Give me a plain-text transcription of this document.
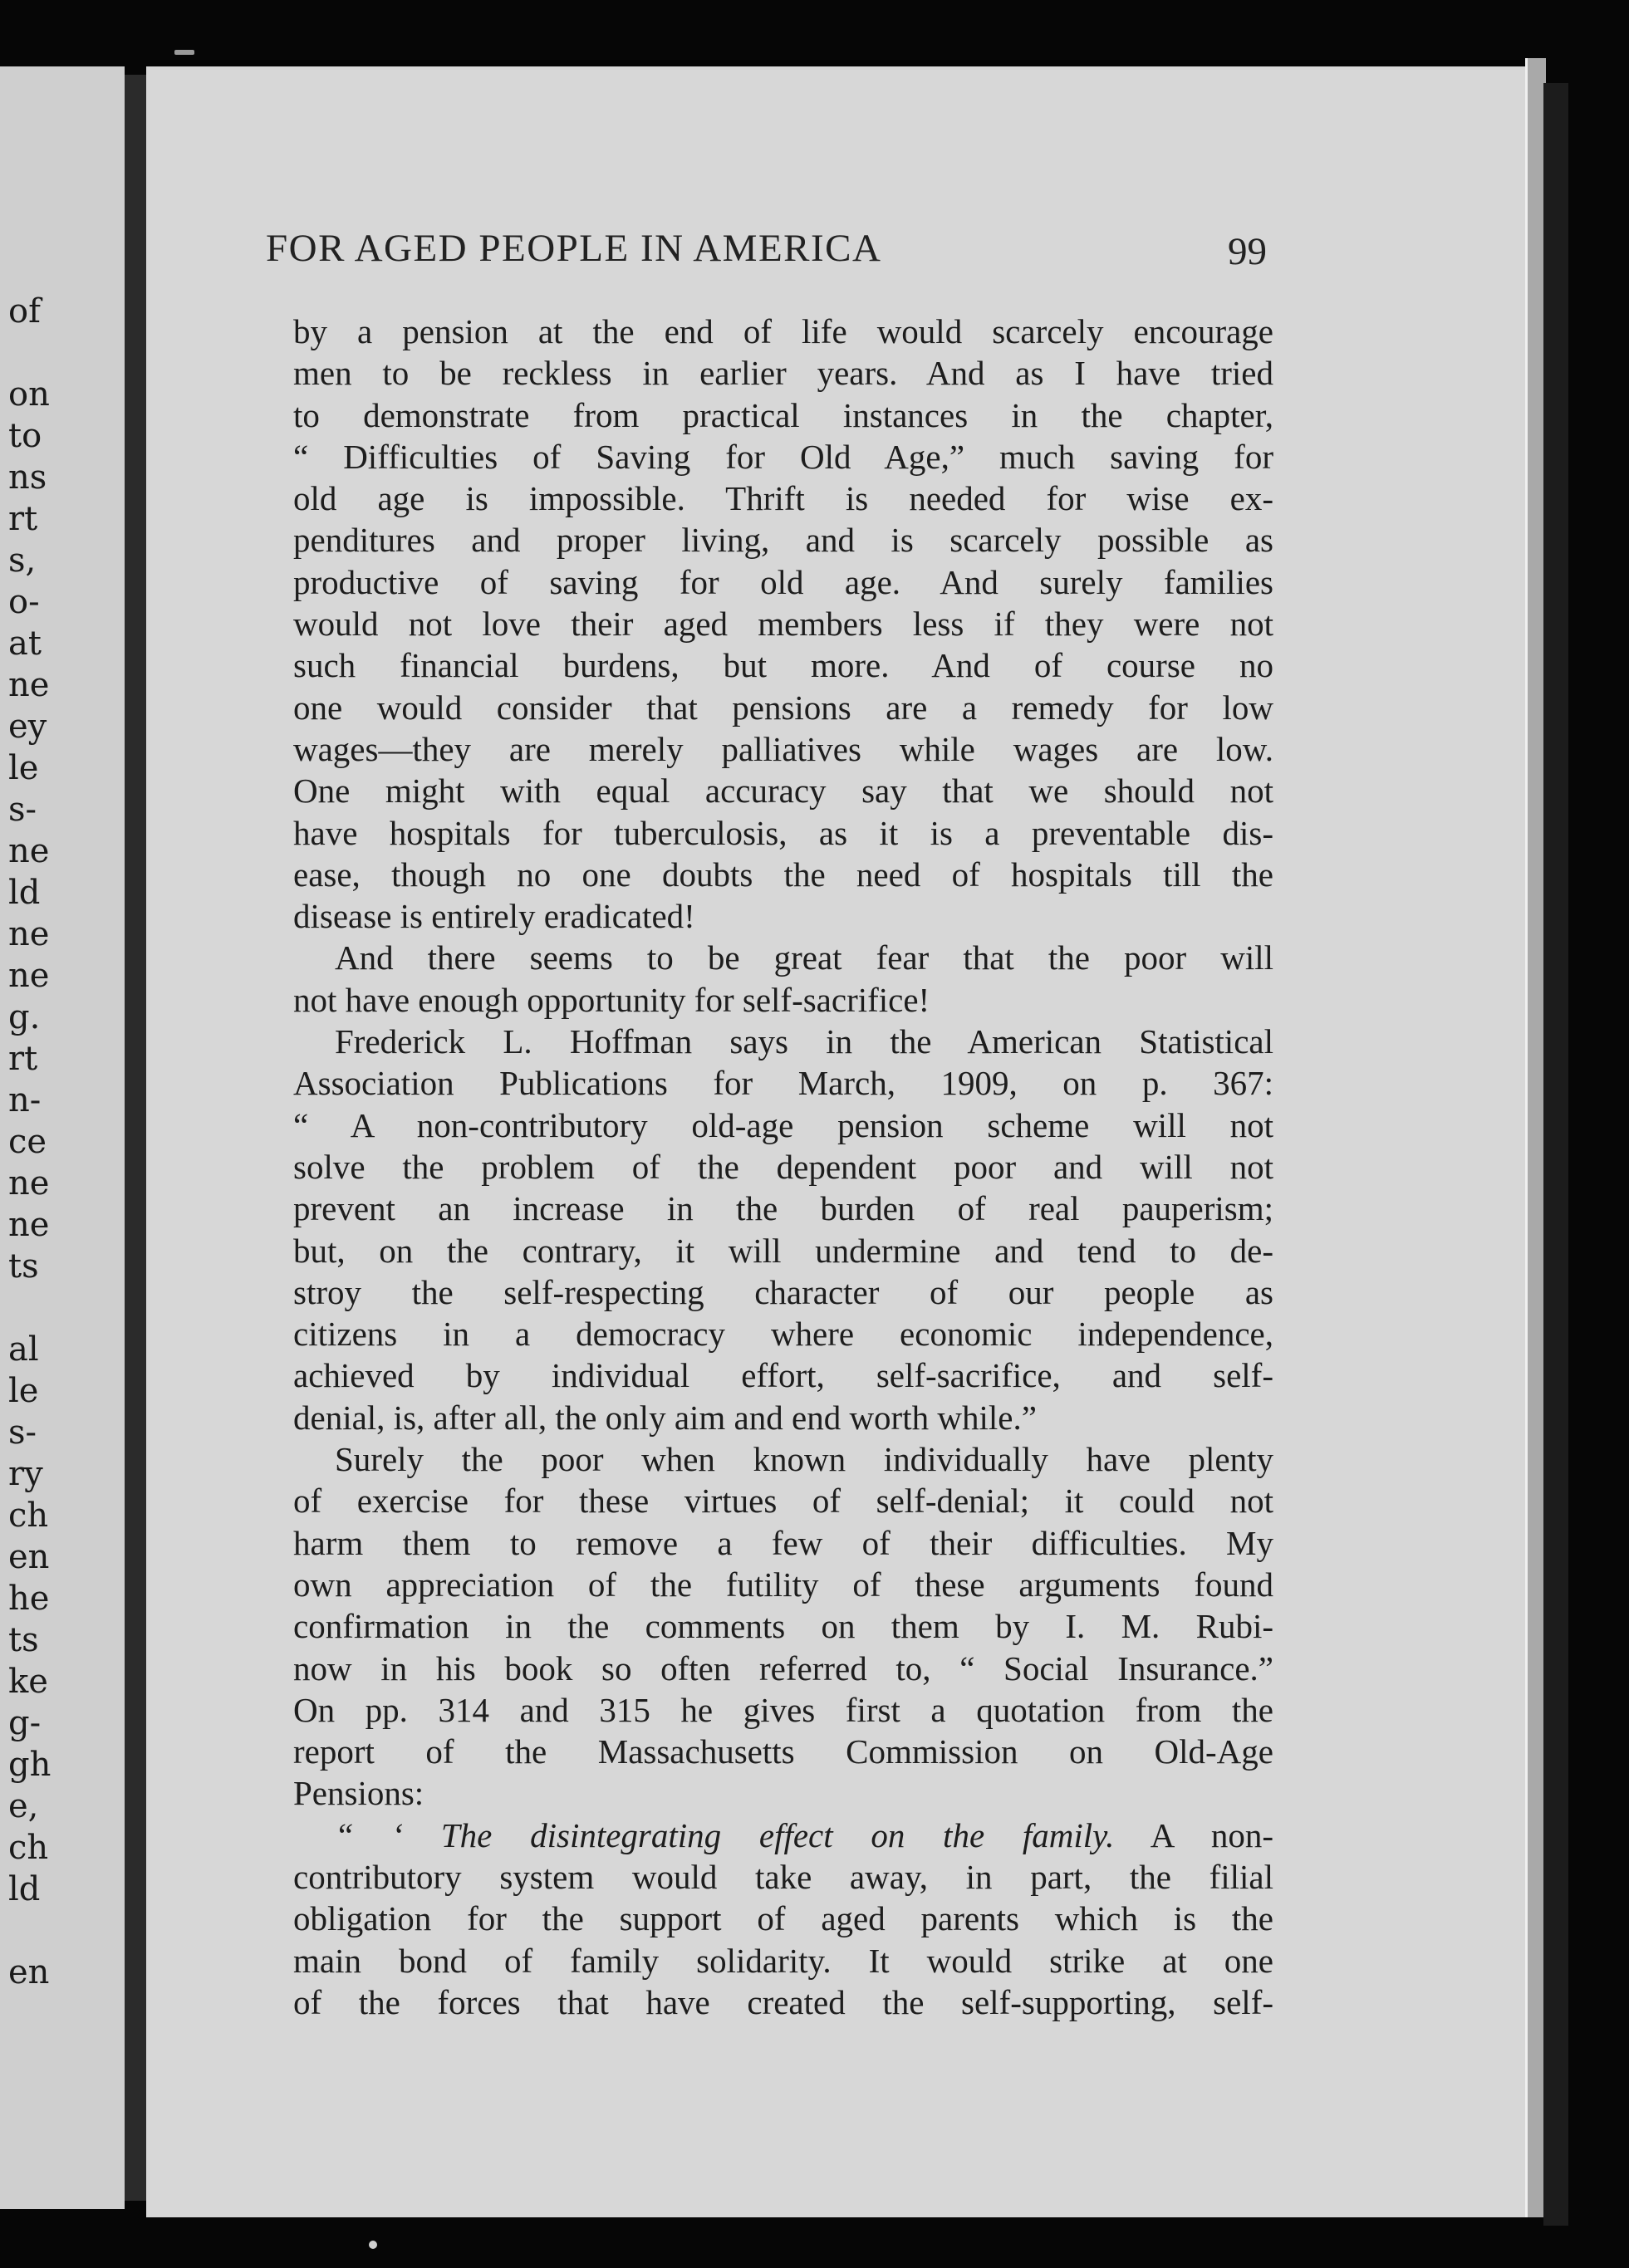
of
on
to
ns
rt
s,
o-
at
ne
ey
le
s-
ne
ld
ne
ne
g.
rt
n-
ce
ne
ne
ts
al
le
s-
ry
ch
en
he
ts
ke
g-
gh
e,
ch
ld
en
FOR AGED PEOPLE IN AMERICA	99
by a pension at the end of life would scarcely encourage
men to be reckless in earlier years. And as I have tried
to demonstrate from practical instances in the chapter,
“ Difficulties of Saving for Old Age,” much saving for
old age is impossible. Thrift is needed for wise ex-
penditures and proper living, and is scarcely possible as
productive of saving for old age. And surely families
would not love their aged members less if they were not
such financial burdens, but more. And of course no
one would consider that pensions are a remedy for low
wages—they are merely palliatives while wages are low.
One might with equal accuracy say that we should not
have hospitals for tuberculosis, as it is a preventable dis-
ease, though no one doubts the need of hospitals till the
disease is entirely eradicated!
And there seems to be great fear that the poor will
not have enough opportunity for self-sacrifice!
Frederick L. Hoffman says in the American Statistical
Association Publications for March, 1909, on p. 367:
“ A non-contributory old-age pension scheme will not
solve the problem of the dependent poor and will not
prevent an increase in the burden of real pauperism;
but, on the contrary, it will undermine and tend to de-
stroy the self-respecting character of our people as
citizens in a democracy where economic independence,
achieved by individual effort, self-sacrifice, and self-
denial, is, after all, the only aim and end worth while.”
Surely the poor when known individually have plenty
of exercise for these virtues of self-denial; it could not
harm them to remove a few of their difficulties. My
own appreciation of the futility of these arguments found
confirmation in the comments on them by I. M. Rubi-
now in his book so often referred to, “ Social Insurance.”
On pp. 314 and 315 he gives first a quotation from the
report of the Massachusetts Commission on Old-Age
Pensions:
“ ‘ The disintegrating effect on the family. A non-
contributory system would take away, in part, the filial
obligation for the support of aged parents which is the
main bond of family solidarity. It would strike at one
of the forces that have created the self-supporting, self-
